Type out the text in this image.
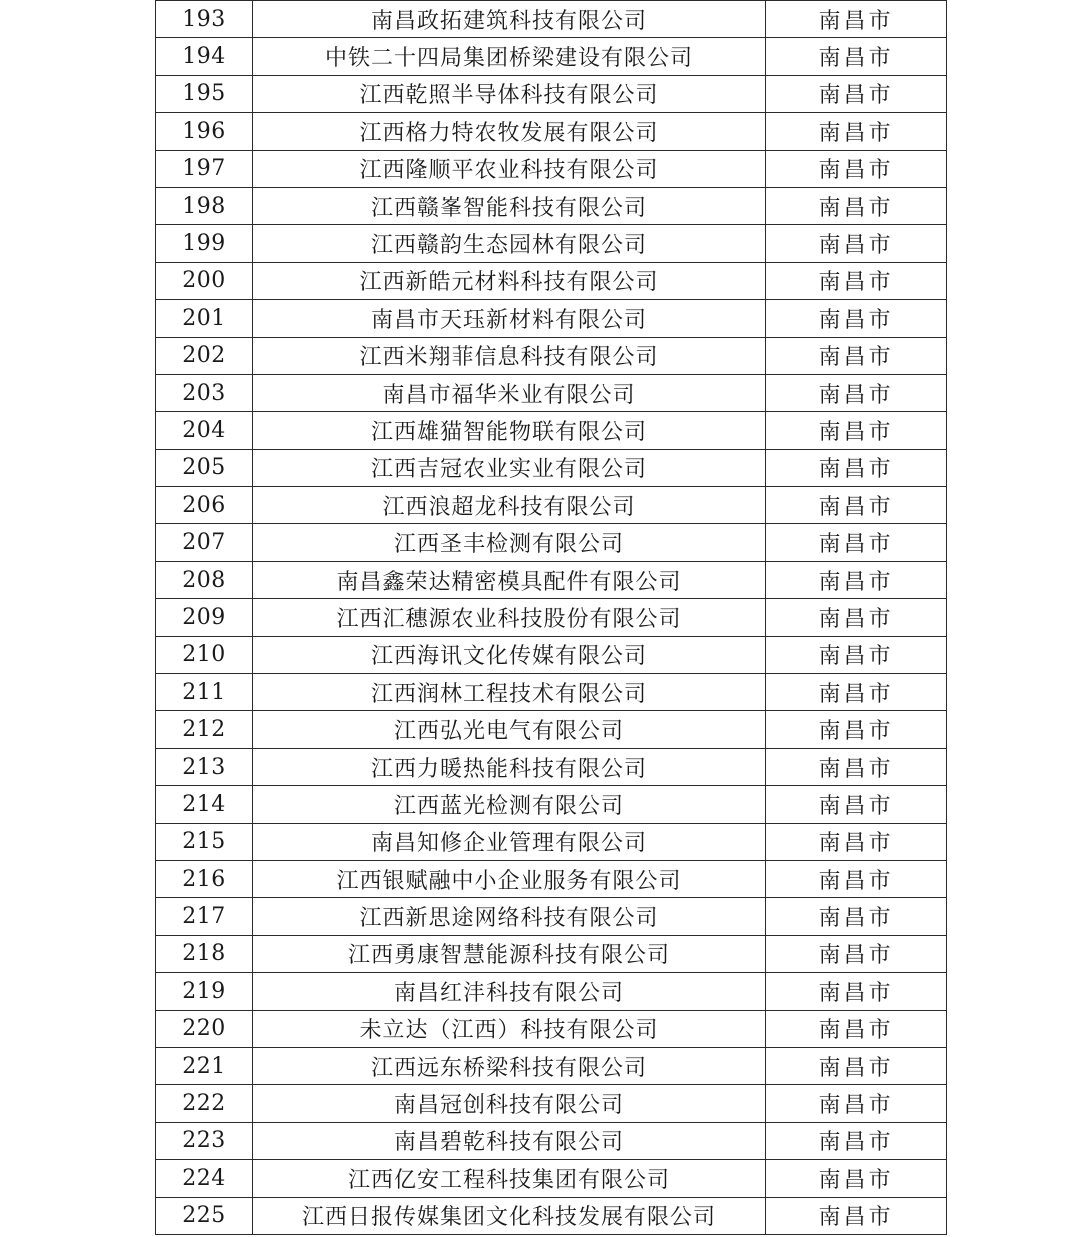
193	南昌政拓建筑科技有限公司	南昌市
194	中铁二十四局集团桥梁建设有限公司	南昌市
195	江西乾照半导体科技有限公司	南昌市
196	江西格力特农牧发展有限公司	南昌市
197	江西隆顺平农业科技有限公司	南昌市
198	江西赣峯智能科技有限公司	南昌市
199	江西赣韵生态园林有限公司	南昌市
200	江西新皓元材料科技有限公司	南昌市
201	南昌市天珏新材料有限公司	南昌市
202	江西米翔菲信息科技有限公司	南昌市
203	南昌市福华米业有限公司	南昌市
204	江西雄猫智能物联有限公司	南昌市
205	江西吉冠农业实业有限公司	南昌市
206	江西浪超龙科技有限公司	南昌市
207	江西圣丰检测有限公司	南昌市
208	南昌鑫荣达精密模具配件有限公司	南昌市
209	江西汇穗源农业科技股份有限公司	南昌市
210	江西海讯文化传媒有限公司	南昌市
211	江西润林工程技术有限公司	南昌市
212	江西弘光电气有限公司	南昌市
213	江西力暖热能科技有限公司	南昌市
214	江西蓝光检测有限公司	南昌市
215	南昌知修企业管理有限公司	南昌市
216	江西银赋融中小企业服务有限公司	南昌市
217	江西新思途网络科技有限公司	南昌市
218	江西勇康智慧能源科技有限公司	南昌市
219	南昌红沣科技有限公司	南昌市
220	未立达（江西）科技有限公司	南昌市
221	江西远东桥梁科技有限公司	南昌市
222	南昌冠创科技有限公司	南昌市
223	南昌碧乾科技有限公司	南昌市
224	江西亿安工程科技集团有限公司	南昌市
225	江西日报传媒集团文化科技发展有限公司	南昌市
